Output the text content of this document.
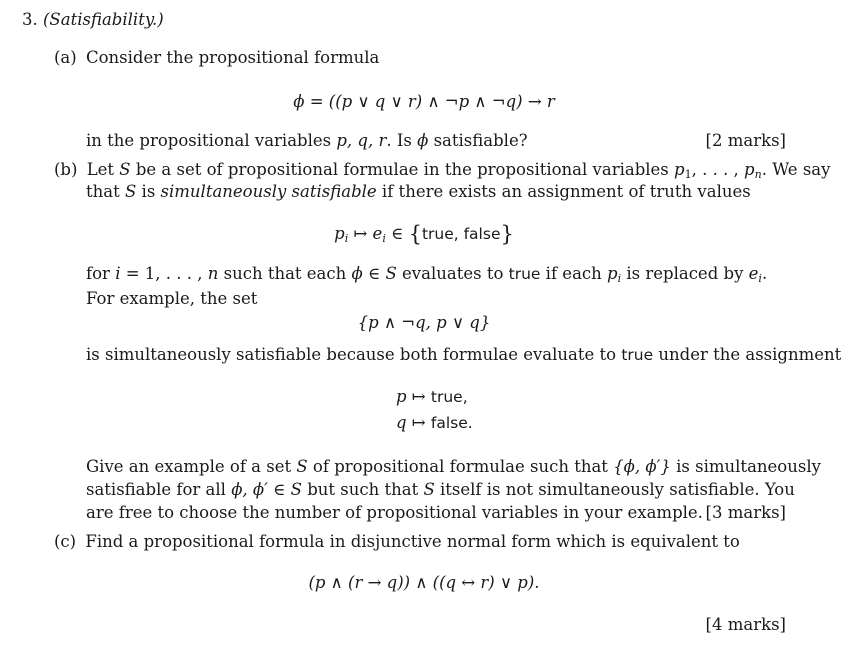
3. (Satisfiability.)
(a) Consider the propositional formula
ϕ = ((p ∨ q ∨ r) ∧ ¬p ∧ ¬q) → r
in the propositional variables p, q, r. Is ϕ satisfiable?	[2 marks]
(b) Let S be a set of propositional formulae in the propositional variables $p_1$, . . . , $p_n$. We say
that S is simultaneously satisfiable if there exists an assignment of truth values
$p_i$ ↦ $e_i$ ∈ {true, false}
for i = 1, . . . , n such that each ϕ ∈ S evaluates to true if each $p_i$ is replaced by $e_i$.
For example, the set
{p ∧ ¬q, p ∨ q}
is simultaneously satisfiable because both formulae evaluate to true under the assignment
p ↦ true,
q ↦ false.
Give an example of a set S of propositional formulae such that {ϕ, ϕ′} is simultaneously
satisfiable for all ϕ, ϕ′ ∈ S but such that S itself is not simultaneously satisfiable. You
are free to choose the number of propositional variables in your example. [3 marks]
(c) Find a propositional formula in disjunctive normal form which is equivalent to
(p ∧ (r → q)) ∧ ((q ↔ r) ∨ p).
[4 marks]
